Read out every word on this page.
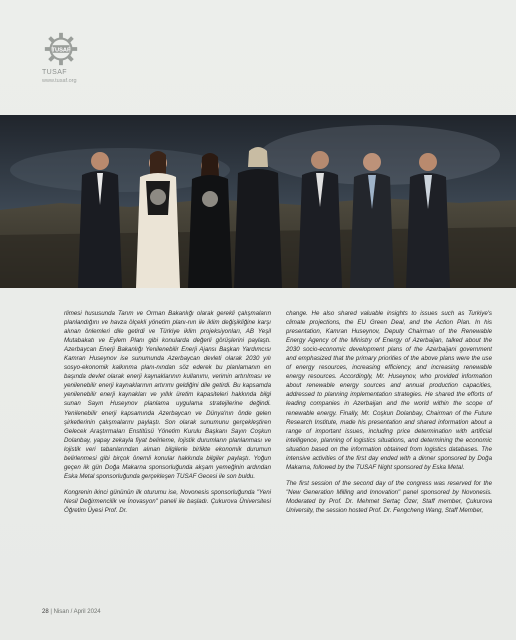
TUSAF
TUSAF
www.tusaf.org

rlimesi hususunda Tarım ve Orman Bakanlığı olarak gerekli çalışmaların planlandığını ve havza ölçekli yönetim planı-nın ile iklim değişikliğine karşı alınan önlemleri dile getirdi ve Türkiye iklim projeksiyonları, AB Yeşil Mutabakatı ve Eylem Planı gibi konularda değerli görüşlerini paylaştı. Azerbaycan Enerji Bakanlığı Yenilenebilir Enerji Ajansı Başkan Yardımcısı Kamran Huseynov ise sunumunda Azerbaycan devleti olarak 2030 yılı sosyo-ekonomik kalkınma planı-nından söz ederek bu planlamanın en başında devlet olarak enerji kaynaklarının kullanımı, verimin artırılması ve yenilenebilir enerji kaynaklarının artırımı geldiğini dile getirdi. Bu kapsamda yenilenebilir enerji kaynakları ve yıllık üretim kapasiteleri hakkında bilgi sunan Sayın Huseynov planlama uygulama stratejilerine değindi. Yenilenebilir enerji kapsamında Azerbaycan ve Dünya'nın önde gelen şirketlerinin çalışmalarını paylaştı. Son olarak sunumunu gerçekleştiren Gelecek Araştırmaları Enstitüsü Yönetim Kurulu Başkanı Sayın Coşkun Dolanbay, yapay zekayla fiyat belirleme, lojistik durumların planlanması ve lojistik veri tabanlarından alınan bilgilerle birlikte ekonomik durumun belirlenmesi gibi birçok önemli konular hakkında bilgiler paylaştı. Yoğun geçen ilk gün Doğa Makarna sponsorluğunda akşam yemeğinin ardından Eska Metal sponsorluğunda gerçekleşen TUSAF Gecesi ile son buldu.

Kongrenin ikinci gününün ilk oturumu ise, Novonesis sponsorluğunda "Yeni Nesil Değirmencilik ve İnovasyon" paneli ile başladı. Çukurova Üniversitesi Öğretim Üyesi Prof. Dr.

change. He also shared valuable insights to issues such as Turkiye's climate projections, the EU Green Deal, and the Action Plan. In his presentation, Kamran Huseynov, Deputy Chairman of the Renewable Energy Agency of the Ministry of Energy of Azerbaijan, talked about the 2030 socio-economic development plans of the Azerbaijani government and emphasized that the primary priorities of the above plans were the use of energy resources, increasing efficiency, and increasing renewable energy resources. Accordingly, Mr. Huseynov, who provided information about renewable energy sources and annual production capacities, addressed to planning implementation strategies. He shared the efforts of leading companies in Azerbaijan and the world within the scope of renewable energy. Finally, Mr. Coşkun Dolanbay, Chairman of the Future Research Institute, made his presentation and shared information about a range of important issues, including price determination with artificial intelligence, planning of logistics situations, and determining the economic situation based on the information obtained from logistics databases. The intensive activities of the first day ended with a dinner sponsored by Doğa Makarna, followed by the TUSAF Night sponsored by Eska Metal.

The first session of the second day of the congress was reserved for the "New Generation Milling and Innovation" panel sponsored by Novonesis. Moderated by Prof. Dr. Mehmet Sertaç Özer, Staff member, Çukurova University, the session hosted Prof. Dr. Fengcheng Wang, Staff Member,

28 | Nisan / April 2024
